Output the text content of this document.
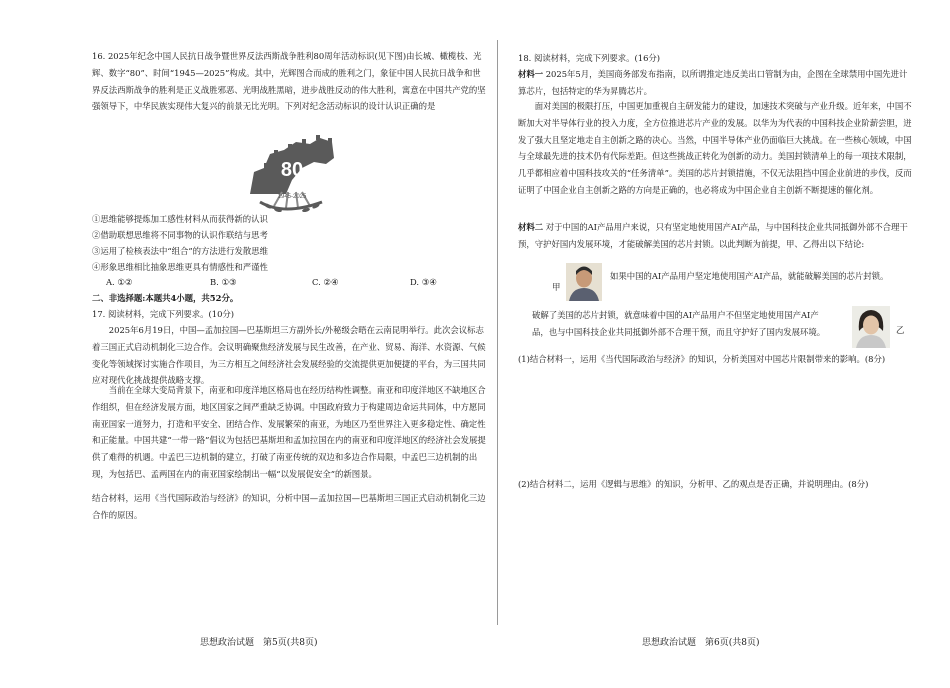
16. 2025年纪念中国人民抗日战争暨世界反法西斯战争胜利80周年活动标识(见下图)由长城、橄榄枝、光辉、数字“80”、时间“1945—2025”构成。其中，光辉图合而成的胜利之门，象征中国人民抗日战争和世界反法西斯战争的胜利是正义战胜邪恶、光明战胜黑暗，进步战胜反动的伟大胜利，寓意在中国共产党的坚强领导下，中华民族实现伟大复兴的前景无比光明。下列对纪念活动标识的设计认识正确的是
80
1945-2025
①思维能够提炼加工感性材料从而获得新的认识
②借助联想思维将不同事物的认识作联结与思考
③运用了检核表法中“组合”的方法进行发散思维
④形象思维相比抽象思维更具有情感性和严谨性
A. ①②	B. ①③	C. ②④	D. ③④
二、非选择题:本题共4小题，共52分。
17. 阅读材料，完成下列要求。(10分)
2025年6月19日，中国—孟加拉国—巴基斯坦三方副外长/外秘级会晤在云南昆明举行。此次会议标志着三国正式启动机制化三边合作。会议明确聚焦经济发展与民生改善，在产业、贸易、海洋、水资源、气候变化等领域探讨实施合作项目，为三方相互之间经济社会发展经验的交流提供更加便捷的平台，为三国共同应对现代化挑战提供战略支撑。
当前在全球大变局背景下，南亚和印度洋地区格局也在经历结构性调整。南亚和印度洋地区不缺地区合作组织，但在经济发展方面，地区国家之间严重缺乏协调。中国政府致力于构建周边命运共同体，中方愿同南亚国家一道努力，打造和平安全、团结合作、发展繁荣的南亚，为地区乃至世界注入更多稳定性、确定性和正能量。中国共建“一带一路”倡议为包括巴基斯坦和孟加拉国在内的南亚和印度洋地区的经济社会发展提供了难得的机遇。中孟巴三边机制的建立，打破了南亚传统的双边和多边合作局限，中孟巴三边机制的出现，为包括巴、孟两国在内的南亚国家绘制出一幅“以发展促安全”的新图景。
结合材料，运用《当代国际政治与经济》的知识，分析中国—孟加拉国—巴基斯坦三国正式启动机制化三边合作的原因。
思想政治试题　第5页(共8页)
18. 阅读材料，完成下列要求。(16分)
2025年5月，美国商务部发布指南，以所谓推定违反美出口管制为由，企图在全球禁用中国先进计算芯片，包括特定的华为昇腾芯片。
材料一
面对美国的极限打压，中国更加重视自主研发能力的建设，加速技术突破与产业升级。近年来，中国不断加大对半导体行业的投入力度，全方位推进芯片产业的发展。以华为为代表的中国科技企业阶薪尝胆，迸发了强大且坚定地走自主创新之路的决心。当然，中国半导体产业仍面临巨大挑战。在一些核心领域，中国与全球最先进的技术仍有代际差距。但这些挑战正转化为创新的动力。美国封锁清单上的每一项技术限制，几乎都相应着中国科技攻关的“任务清单”。美国的芯片封锁措施，不仅无法阻挡中国企业前进的步伐，反而证明了中国企业自主创新之路的方向是正确的，也必将成为中国企业自主创新不断提速的催化剂。
对于中国的AI产品用户来说，只有坚定地使用国产AI产品，与中国科技企业共同抵御外部不合理干预，守护好国内发展环境，才能破解美国的芯片封锁。以此判断为前提，甲、乙得出以下结论:
材料二
甲
如果中国的AI产品用户坚定地使用国产AI产品，就能破解美国的芯片封锁。
破解了美国的芯片封锁，就意味着中国的AI产品用户不但坚定地使用国产AI产品，也与中国科技企业共同抵御外部不合理干预，而且守护好了国内发展环境。	乙
(1)结合材料一，运用《当代国际政治与经济》的知识，分析美国对中国芯片限制带来的影响。(8分)
(2)结合材料二，运用《逻辑与思维》的知识，分析甲、乙的观点是否正确，并说明理由。(8分)
思想政治试题　第6页(共8页)
